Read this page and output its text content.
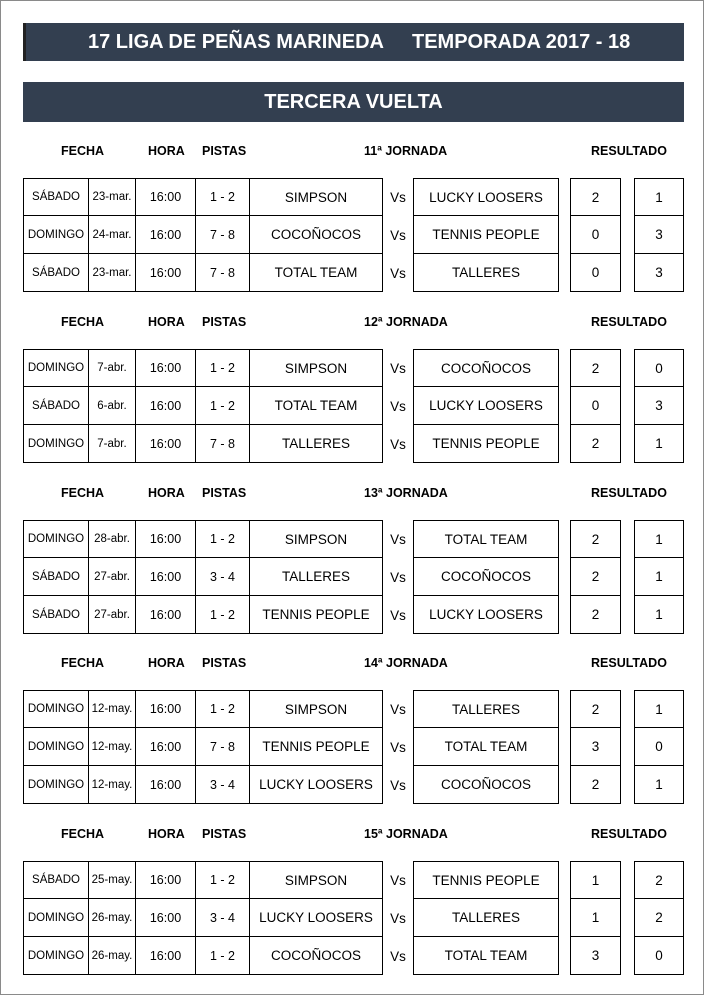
17 LIGA DE PEÑAS MARINEDA TEMPORADA 2017 - 18
TERCERA VUELTA
FECHA	HORA PISTAS	11ª JORNADA	RESULTADO
SÁBADO	23-mar.	16:00	1 - 2	SIMPSON	Vs	LUCKY LOOSERS	2	1
DOMINGO 24-mar.	16:00	7 - 8	COCOÑOCOS	Vs	TENNIS PEOPLE	0	3
SÁBADO	23-mar.	16:00	7 - 8	TOTAL TEAM	Vs	TALLERES	0	3
FECHA	HORA PISTAS	12ª JORNADA	RESULTADO
DOMINGO	7-abr.	16:00	1 - 2	SIMPSON	Vs	COCOÑOCOS	2	0
SÁBADO	6-abr.	16:00	1 - 2	TOTAL TEAM	Vs	LUCKY LOOSERS	0	3
DOMINGO	7-abr.	16:00	7 - 8	TALLERES	Vs	TENNIS PEOPLE	2	1
FECHA	HORA PISTAS	13ª JORNADA	RESULTADO
DOMINGO 28-abr.	16:00	1 - 2	SIMPSON	Vs	TOTAL TEAM	2	1
SÁBADO	27-abr.	16:00	3 - 4	TALLERES	Vs	COCOÑOCOS	2	1
SÁBADO	27-abr.	16:00	1 - 2	TENNIS PEOPLE	Vs	LUCKY LOOSERS	2	1
FECHA	HORA PISTAS	14ª JORNADA	RESULTADO
DOMINGO 12-may.	16:00	1 - 2	SIMPSON	Vs	TALLERES	2	1
DOMINGO 12-may.	16:00	7 - 8	TENNIS PEOPLE	Vs	TOTAL TEAM	3	0
DOMINGO 12-may.	16:00	3 - 4	LUCKY LOOSERS	Vs	COCOÑOCOS	2	1
FECHA	HORA PISTAS	15ª JORNADA	RESULTADO
SÁBADO	25-may.	16:00	1 - 2	SIMPSON	Vs	TENNIS PEOPLE	1	2
DOMINGO 26-may.	16:00	3 - 4	LUCKY LOOSERS	Vs	TALLERES	1	2
DOMINGO 26-may.	16:00	1 - 2	COCOÑOCOS	Vs	TOTAL TEAM	3	0
